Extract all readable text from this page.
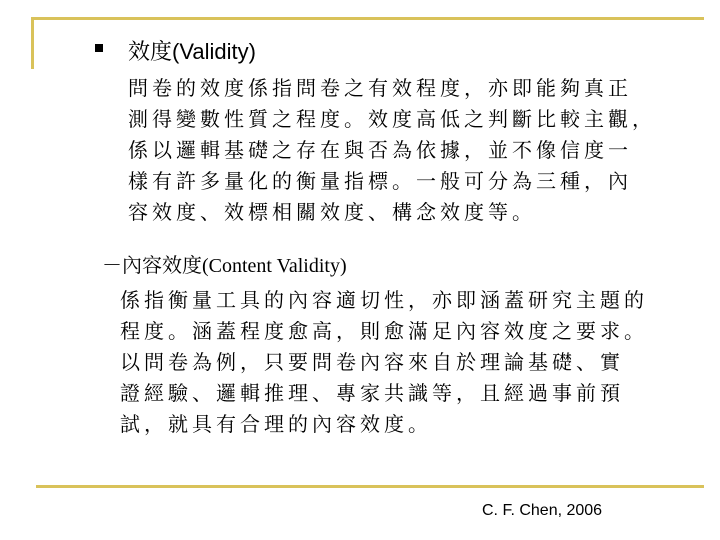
效度(Validity)
問卷的效度係指問卷之有效程度，亦即能夠真正
測得變數性質之程度。效度高低之判斷比較主觀，
係以邏輯基礎之存在與否為依據，並不像信度一
樣有許多量化的衡量指標。一般可分為三種，內
容效度、效標相關效度、構念效度等。
－內容效度(Content Validity)
係指衡量工具的內容適切性，亦即涵蓋研究主題的
程度。涵蓋程度愈高，則愈滿足內容效度之要求。
以問卷為例，只要問卷內容來自於理論基礎、實
證經驗、邏輯推理、專家共識等，且經過事前預
試，就具有合理的內容效度。
C. F. Chen, 2006
